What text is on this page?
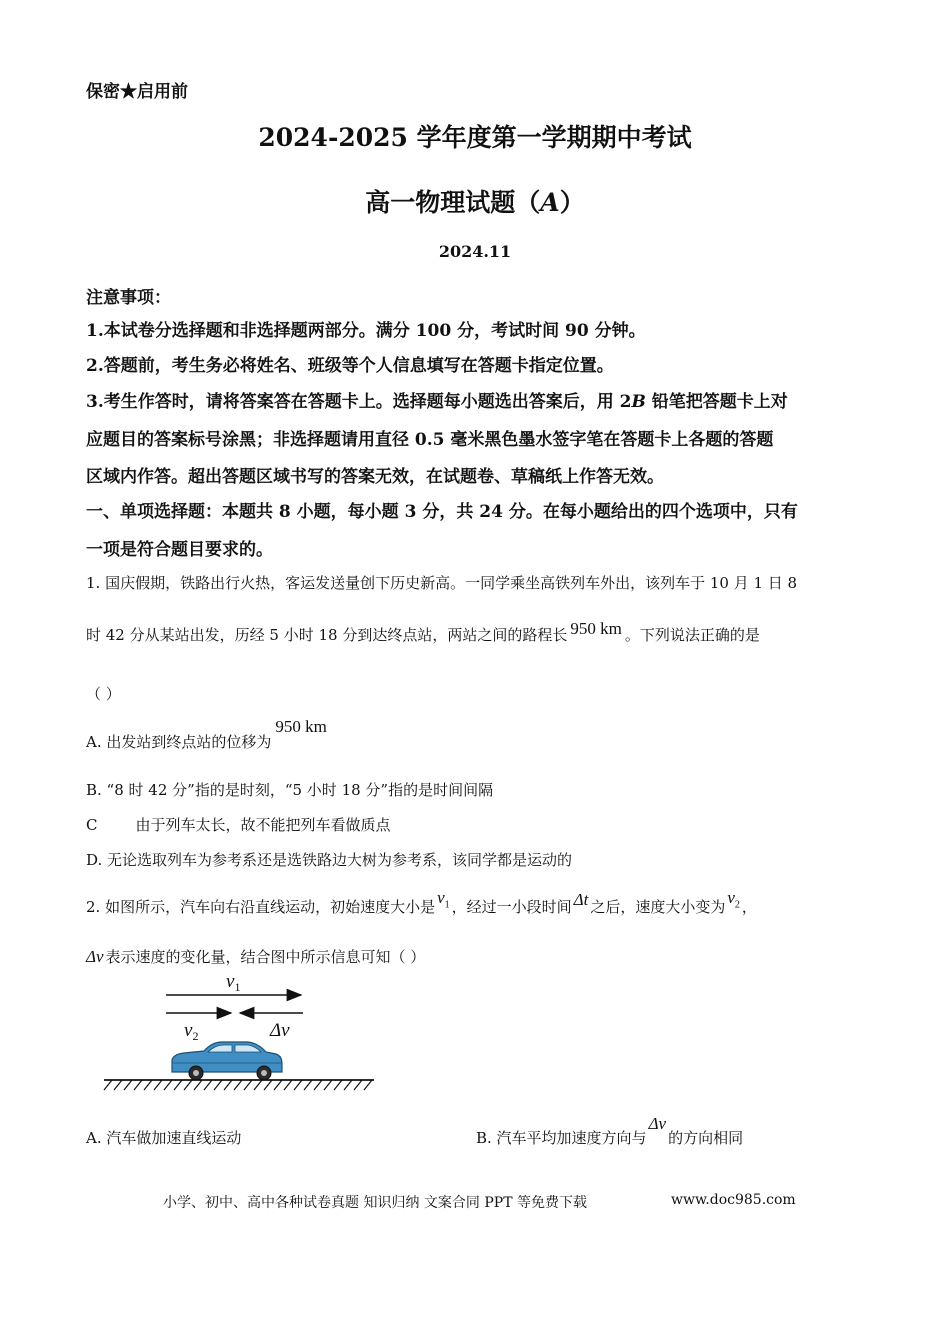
保密★启用前
2024-2025 学年度第一学期期中考试
高一物理试题（A）
2024.11
注意事项：
1.本试卷分选择题和非选择题两部分。满分 100 分，考试时间 90 分钟。
2.答题前，考生务必将姓名、班级等个人信息填写在答题卡指定位置。
3.考生作答时，请将答案答在答题卡上。选择题每小题选出答案后，用 2B 铅笔把答题卡上对
应题目的答案标号涂黑；非选择题请用直径 0.5 毫米黑色墨水签字笔在答题卡上各题的答题
区域内作答。超出答题区域书写的答案无效，在试题卷、草稿纸上作答无效。
一、单项选择题：本题共 8 小题，每小题 3 分，共 24 分。在每小题给出的四个选项中，只有
一项是符合题目要求的。
1. 国庆假期，铁路出行火热，客运发送量创下历史新高。一同学乘坐高铁列车外出，该列车于 10 月 1 日 8
时 42 分从某站出发，历经 5 小时 18 分到达终点站，两站之间的路程长 950 km 。下列说法正确的是
（ ）
A. 出发站到终点站的位移为950 km
B. “8 时 42 分”指的是时刻，“5 小时 18 分”指的是时间间隔
C	由于列车太长，故不能把列车看做质点
D. 无论选取列车为参考系还是选铁路边大树为参考系，该同学都是运动的
2. 如图所示，汽车向右沿直线运动，初始速度大小是 $v_1$ ，经过一小段时间 Δt 之后，速度大小变为 $v_2$ ，
Δv 表示速度的变化量，结合图中所示信息可知（ ）
$v_1$
$v_2$	Δv
A. 汽车做加速直线运动	B. 汽车平均加速度方向与Δv的方向相同
小学、初中、高中各种试卷真题 知识归纳 文案合同 PPT 等免费下载	www.doc985.com
